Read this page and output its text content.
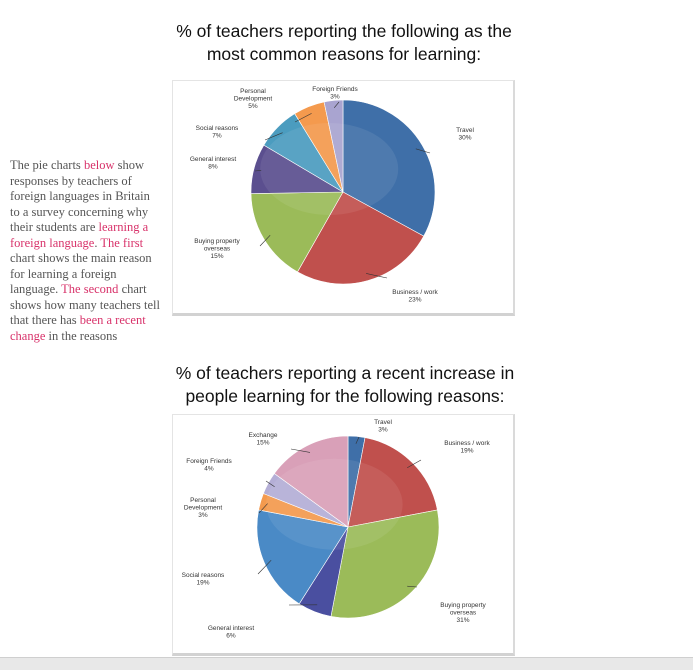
The pie charts below show responses by teachers of foreign languages in Britain to a survey concerning why their students are learning a foreign language. The first chart shows the main reason for learning a foreign language. The second chart shows how many teachers tell that there has been a recent change in the reasons
% of teachers reporting the following as the most common reasons for learning:
Travel
30%
Business / work
23%
Buying property
overseas
15%
General interest
8%
Social reasons
7%
Personal
Development
5%
Foreign Friends
3%
% of teachers reporting a recent increase in people learning for the following reasons:
Travel
3%
Business / work
19%
Buying property
overseas
31%
General interest
6%
Social reasons
19%
Personal
Development
3%
Foreign Friends
4%
Exchange
15%
